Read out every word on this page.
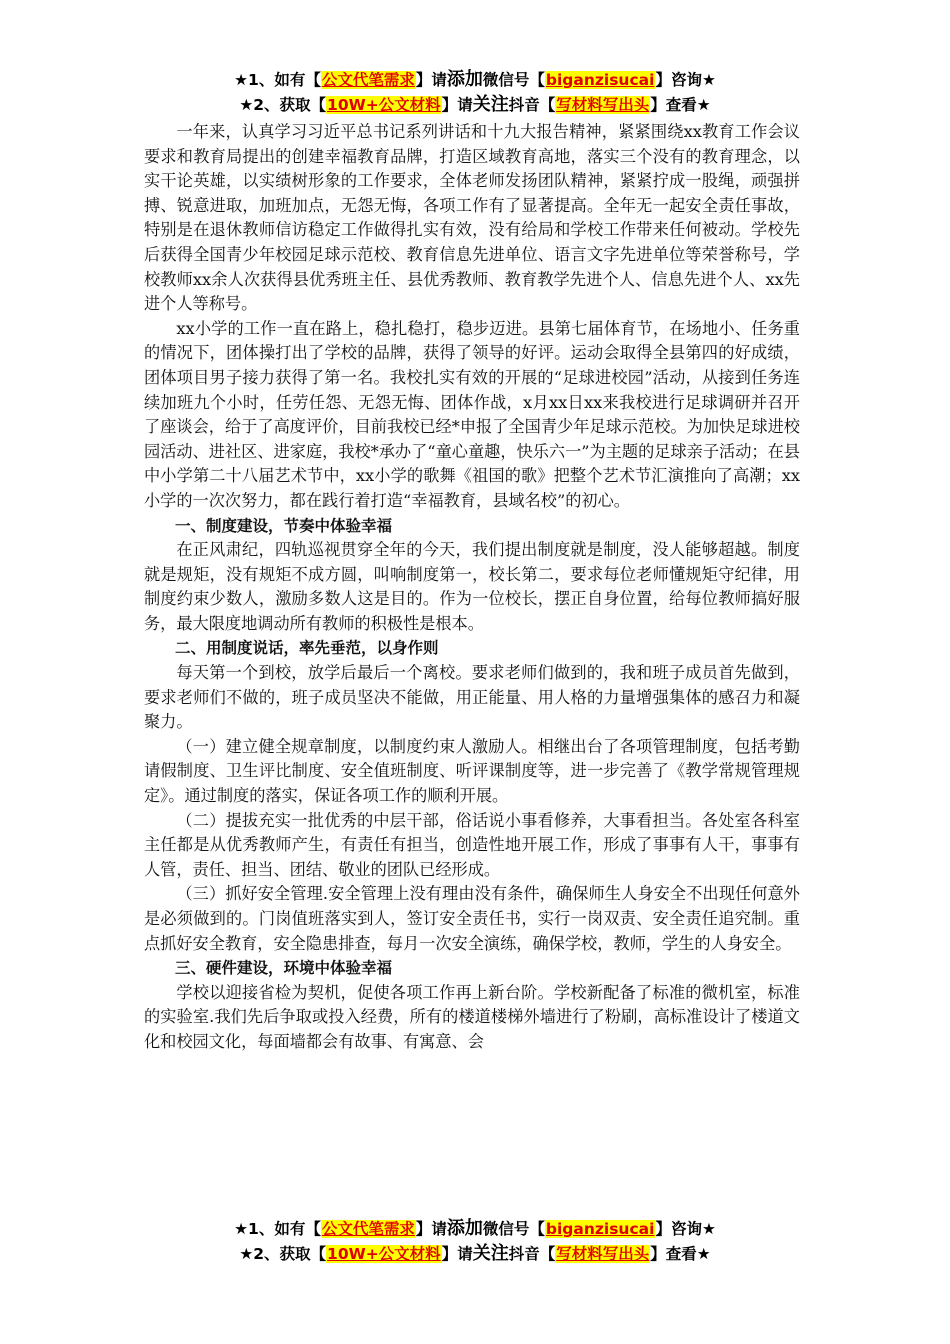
★1、如有【公文代笔需求】请添加微信号【biganzisucai】咨询★
★2、获取【10W+公文材料】请关注抖音【写材料写出头】查看★

一年来，认真学习习近平总书记系列讲话和十九大报告精神，紧紧围绕xx教育工作会议要求和教育局提出的创建幸福教育品牌，打造区域教育高地，落实三个没有的教育理念，以实干论英雄，以实绩树形象的工作要求，全体老师发扬团队精神，紧紧拧成一股绳，顽强拼搏、锐意进取，加班加点，无怨无悔，各项工作有了显著提高。全年无一起安全责任事故，特别是在退休教师信访稳定工作做得扎实有效，没有给局和学校工作带来任何被动。学校先后获得全国青少年校园足球示范校、教育信息先进单位、语言文字先进单位等荣誉称号，学校教师xx余人次获得县优秀班主任、县优秀教师、教育教学先进个人、信息先进个人、xx先进个人等称号。

xx小学的工作一直在路上，稳扎稳打，稳步迈进。县第七届体育节，在场地小、任务重的情况下，团体操打出了学校的品牌，获得了领导的好评。运动会取得全县第四的好成绩，团体项目男子接力获得了第一名。我校扎实有效的开展的“足球进校园”活动，从接到任务连续加班九个小时，任劳任怨、无怨无悔、团体作战，x月xx日xx来我校进行足球调研并召开了座谈会，给于了高度评价，目前我校已经*申报了全国青少年足球示范校。为加快足球进校园活动、进社区、进家庭，我校*承办了“童心童趣，快乐六一”为主题的足球亲子活动；在县中小学第二十八届艺术节中，xx小学的歌舞《祖国的歌》把整个艺术节汇演推向了高潮；xx小学的一次次努力，都在践行着打造“幸福教育，县域名校”的初心。

一、制度建设，节奏中体验幸福

在正风肃纪，四轨巡视贯穿全年的今天，我们提出制度就是制度，没人能够超越。制度就是规矩，没有规矩不成方圆，叫响制度第一，校长第二，要求每位老师懂规矩守纪律，用制度约束少数人，激励多数人这是目的。作为一位校长，摆正自身位置，给每位教师搞好服务，最大限度地调动所有教师的积极性是根本。

二、用制度说话，率先垂范，以身作则

每天第一个到校，放学后最后一个离校。要求老师们做到的，我和班子成员首先做到，要求老师们不做的，班子成员坚决不能做，用正能量、用人格的力量增强集体的感召力和凝聚力。

（一）建立健全规章制度，以制度约束人激励人。相继出台了各项管理制度，包括考勤请假制度、卫生评比制度、安全值班制度、听评课制度等，进一步完善了《教学常规管理规定》。通过制度的落实，保证各项工作的顺利开展。

（二）提拔充实一批优秀的中层干部，俗话说小事看修养，大事看担当。各处室各科室主任都是从优秀教师产生，有责任有担当，创造性地开展工作，形成了事事有人干，事事有人管，责任、担当、团结、敬业的团队已经形成。

（三）抓好安全管理.安全管理上没有理由没有条件，确保师生人身安全不出现任何意外是必须做到的。门岗值班落实到人，签订安全责任书，实行一岗双责、安全责任追究制。重点抓好安全教育，安全隐患排查，每月一次安全演练，确保学校，教师，学生的人身安全。

三、硬件建设，环境中体验幸福

学校以迎接省检为契机，促使各项工作再上新台阶。学校新配备了标准的微机室，标准的实验室.我们先后争取或投入经费，所有的楼道楼梯外墙进行了粉刷，高标准设计了楼道文化和校园文化，每面墙都会有故事、有寓意、会

★1、如有【公文代笔需求】请添加微信号【biganzisucai】咨询★
★2、获取【10W+公文材料】请关注抖音【写材料写出头】查看★
